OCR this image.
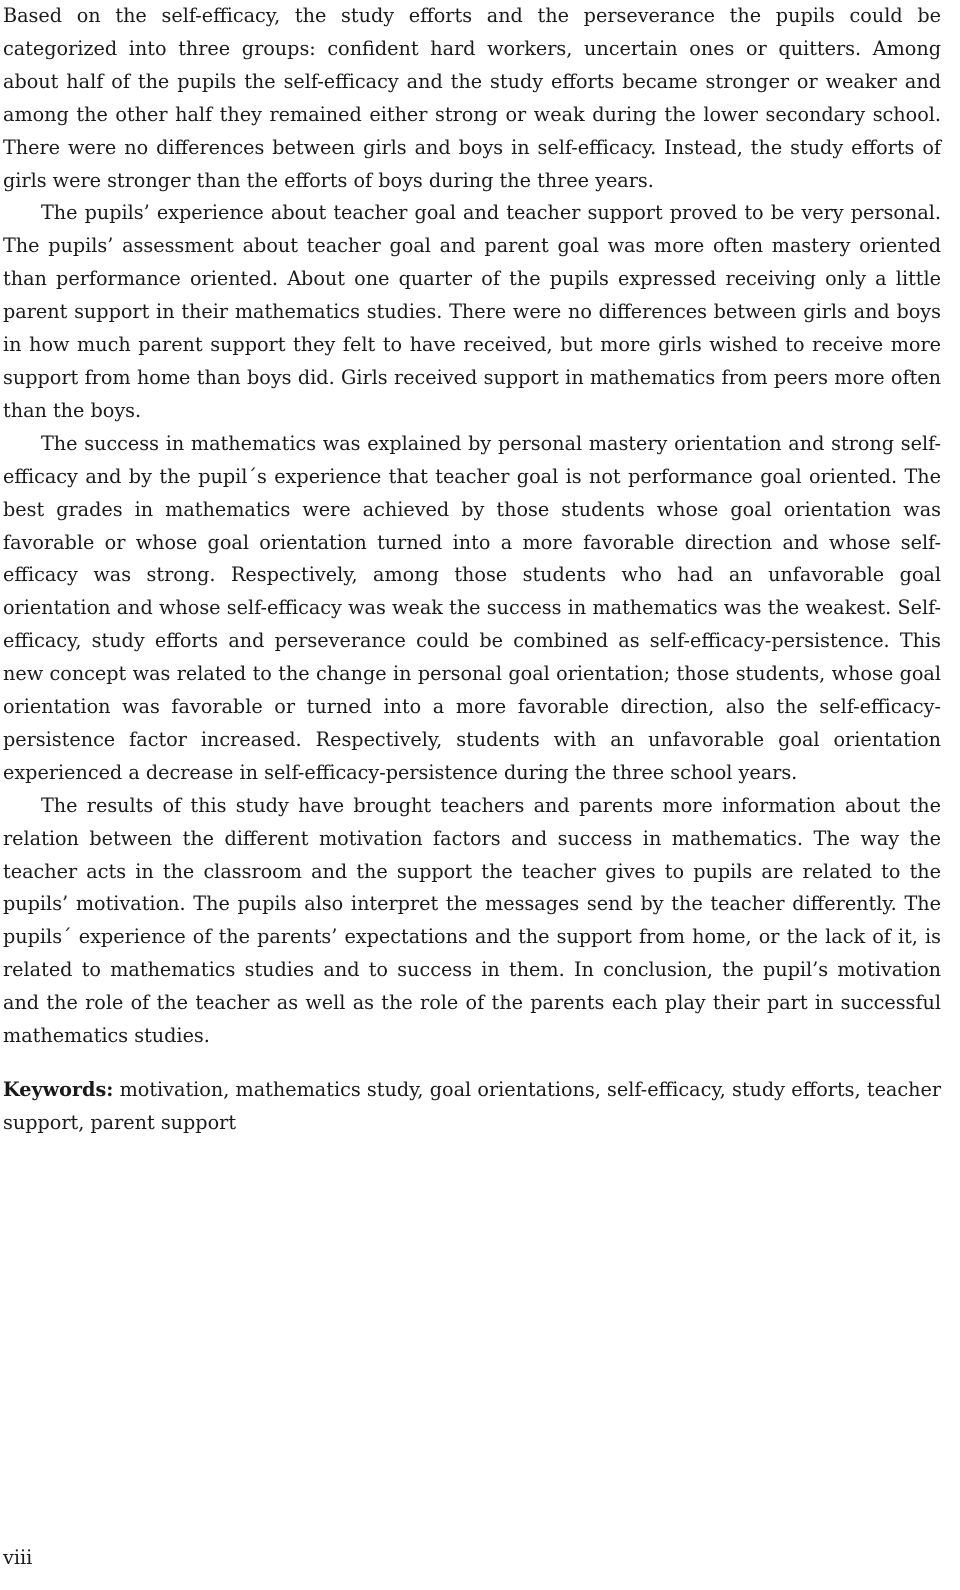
Based on the self-efficacy, the study efforts and the perseverance the pupils could be categorized into three groups: confident hard workers, uncertain ones or quitters. Among about half of the pupils the self-efficacy and the study efforts became stronger or weaker and among the other half they remained either strong or weak during the lower secondary school. There were no differences between girls and boys in self-efficacy. Instead, the study efforts of girls were stronger than the efforts of boys during the three years.

The pupils’ experience about teacher goal and teacher support proved to be very personal. The pupils’ assessment about teacher goal and parent goal was more often mastery oriented than performance oriented. About one quarter of the pupils expressed receiving only a little parent support in their mathematics studies. There were no differences between girls and boys in how much parent support they felt to have received, but more girls wished to receive more support from home than boys did. Girls received support in mathematics from peers more often than the boys.

The success in mathematics was explained by personal mastery orientation and strong self-efficacy and by the pupil´s experience that teacher goal is not performance goal oriented. The best grades in mathematics were achieved by those students whose goal orientation was favorable or whose goal orientation turned into a more favorable direction and whose self-efficacy was strong. Respectively, among those students who had an unfavorable goal orientation and whose self-efficacy was weak the success in mathematics was the weakest. Self-efficacy, study efforts and perseverance could be combined as self-efficacy-persistence. This new concept was related to the change in personal goal orientation; those students, whose goal orientation was favorable or turned into a more favorable direction, also the self-efficacy-persistence factor increased. Respectively, students with an unfavorable goal orientation experienced a decrease in self-efficacy-persistence during the three school years.

The results of this study have brought teachers and parents more information about the relation between the different motivation factors and success in mathematics. The way the teacher acts in the classroom and the support the teacher gives to pupils are related to the pupils’ motivation. The pupils also interpret the messages send by the teacher differently. The pupils´ experience of the parents’ expectations and the support from home, or the lack of it, is related to mathematics studies and to success in them. In conclusion, the pupil’s motivation and the role of the teacher as well as the role of the parents each play their part in successful mathematics studies.

Keywords: motivation, mathematics study, goal orientations, self-efficacy, study efforts, teacher support, parent support

viii
